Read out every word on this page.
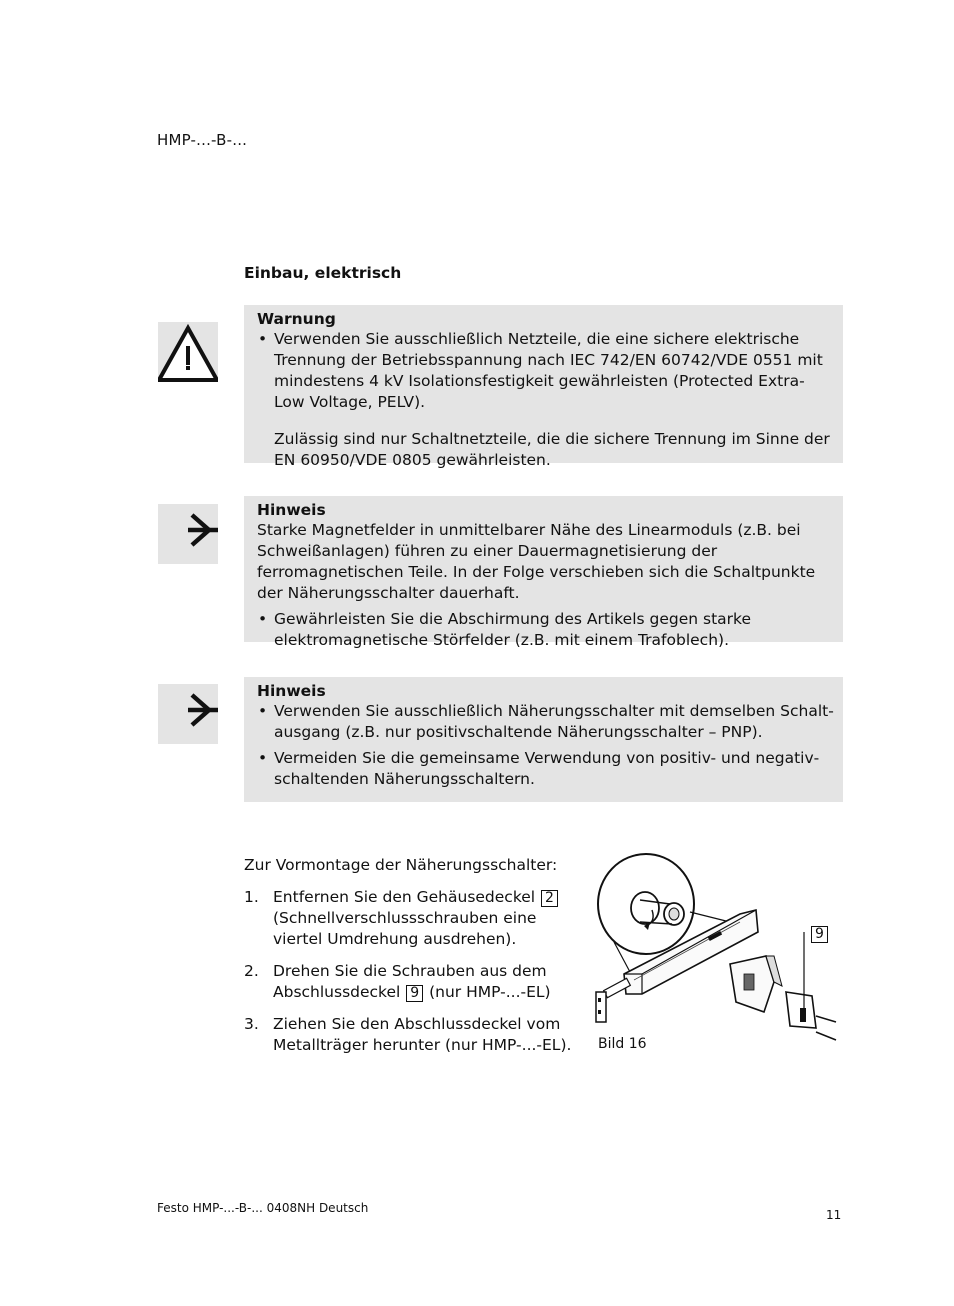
HMP-...-B-...
Einbau, elektrisch
Warnung
• Verwenden Sie ausschließlich Netzteile, die eine sichere elektrische Trennung der Betriebsspannung nach IEC 742/EN 60742/VDE 0551 mit mindestens 4 kV Isolationsfestigkeit gewährleisten (Protected Extra-Low Voltage, PELV).

Zulässig sind nur Schaltnetzteile, die die sichere Trennung im Sinne der EN 60950/VDE 0805 gewährleisten.

Hinweis

Starke Magnetfelder in unmittelbarer Nähe des Linearmoduls (z.B. bei Schweißanlagen) führen zu einer Dauermagnetisierung der ferromagnetischen Teile. In der Folge verschieben sich die Schaltpunkte der Näherungsschalter dauerhaft.

• Gewährleisten Sie die Abschirmung des Artikels gegen starke elektromagnetische Störfelder (z.B. mit einem Trafoblech).
Hinweis
• Verwenden Sie ausschließlich Näherungsschalter mit demselben Schaltausgang (z.B. nur positivschaltende Näherungsschalter – PNP).
• Vermeiden Sie die gemeinsame Verwendung von positiv- und negativschaltenden Näherungsschaltern.
Zur Vormontage der Näherungsschalter:
1. Entfernen Sie den Gehäusedeckel 2
(Schnellverschlussschrauben eine viertel Umdrehung ausdrehen).
2. Drehen Sie die Schrauben aus dem Abschlussdeckel 9 (nur HMP-...-EL)
3. Ziehen Sie den Abschlussdeckel vom Metallträger herunter (nur HMP-...-EL).
9
Bild 16
Festo HMP-...-B-... 0408NH Deutsch	11
